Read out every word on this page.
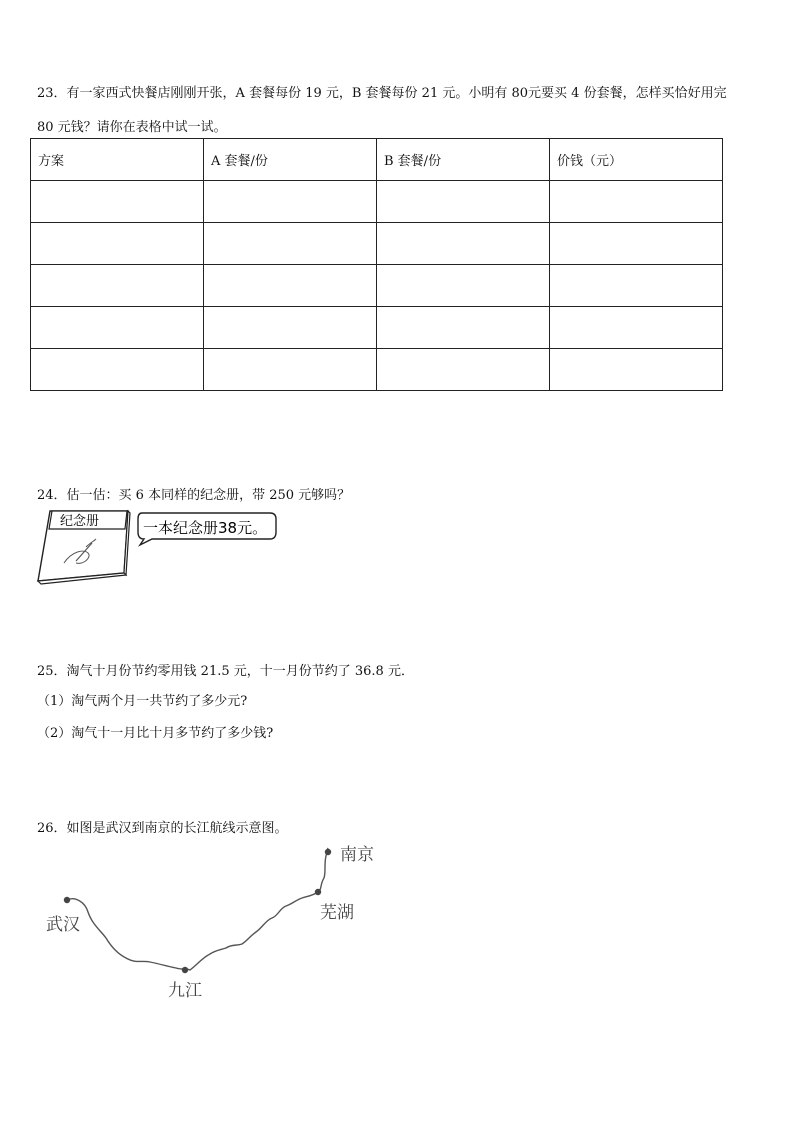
23．有一家西式快餐店刚刚开张，A 套餐每份 19 元，B 套餐每份 21 元。小明有 80元要买 4 份套餐，怎样买恰好用完
80 元钱？请你在表格中试一试。
方案	A 套餐/份	B 套餐/份	价钱（元）

24．估一估：买 6 本同样的纪念册，带 250 元够吗？
纪念册	一本纪念册38元。
25．淘气十月份节约零用钱 21.5 元，十一月份节约了 36.8 元．
（1）淘气两个月一共节约了多少元?
（2）淘气十一月比十月多节约了多少钱?
26．如图是武汉到南京的长江航线示意图。
武汉
九江
芜湖
南京
